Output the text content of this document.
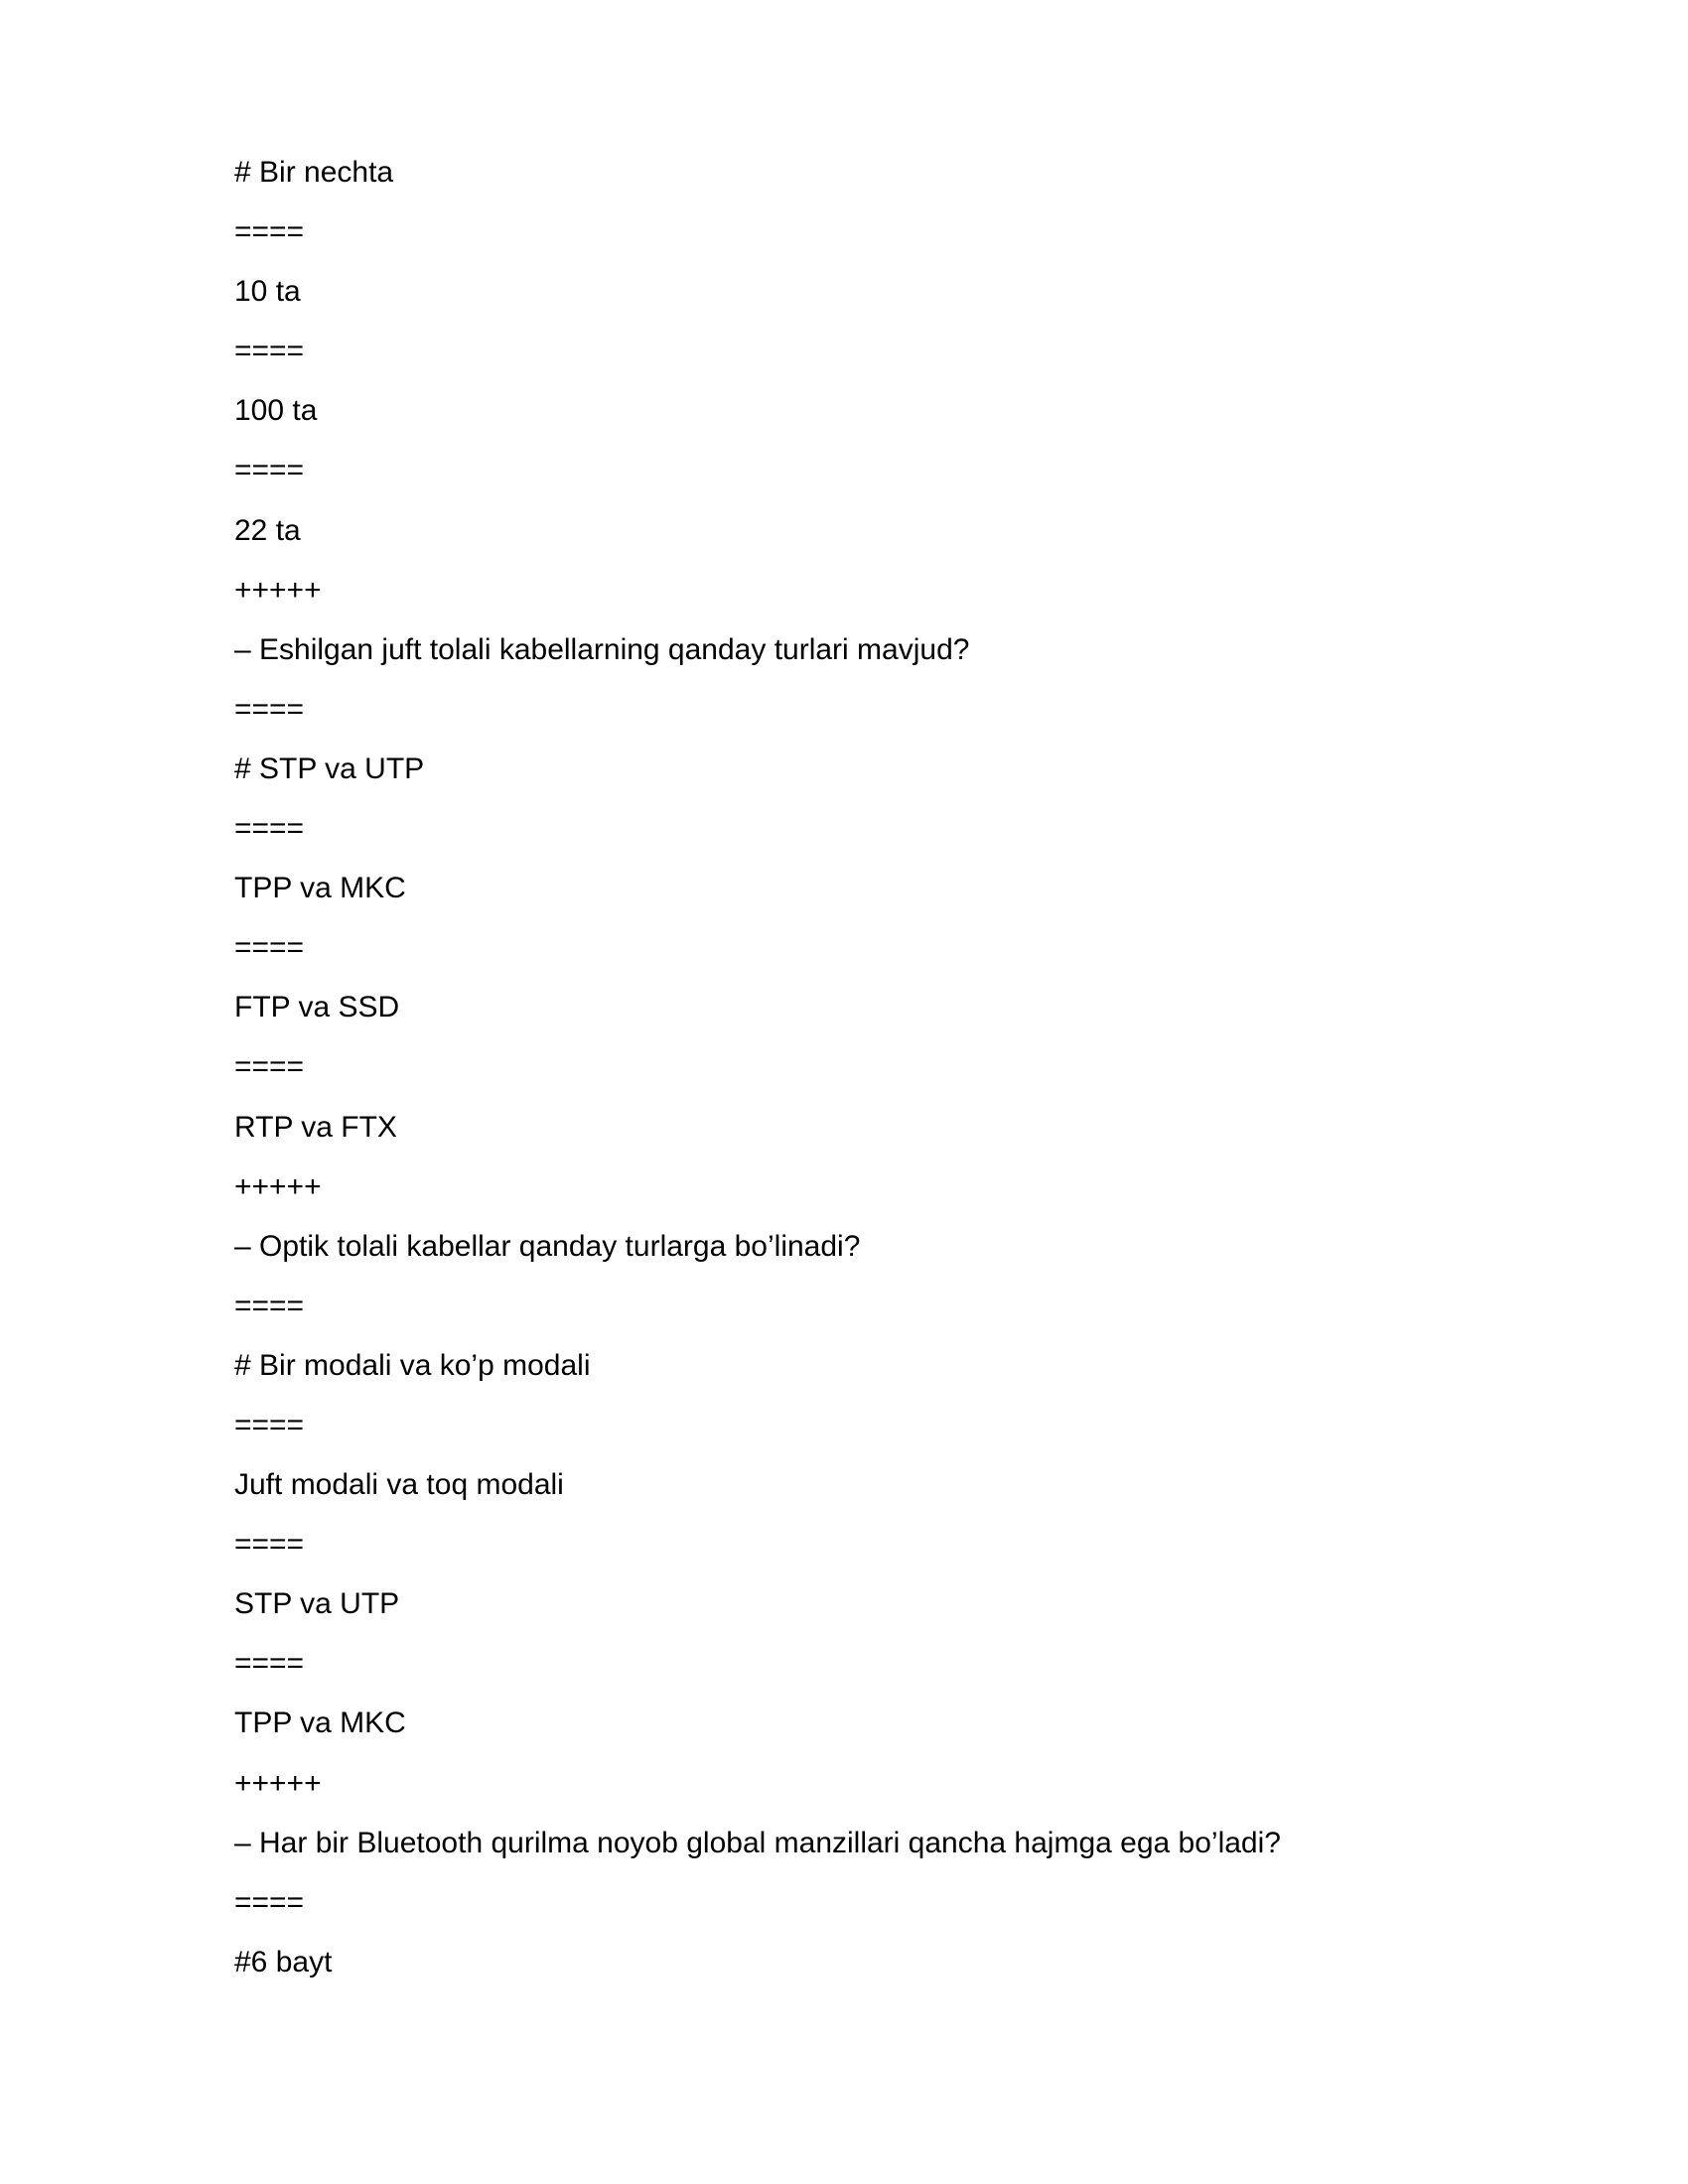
# Bir nechta
====
10 ta
====
100 ta
====
22 ta
+++++
– Eshilgan juft tolali kabellarning qanday turlari mavjud?
====
# STP va UTP
====
TPP va MKC
====
FTP va SSD
====
RTP va FTX
+++++
– Optik tolali kabellar qanday turlarga bo’linadi?
====
# Bir modali va ko’p modali
====
Juft modali va toq modali
====
STP va UTP
====
TPP va MKC
+++++
– Har bir Bluetooth qurilma noyob global manzillari qancha hajmga ega bo’ladi?
====
#6 bayt
